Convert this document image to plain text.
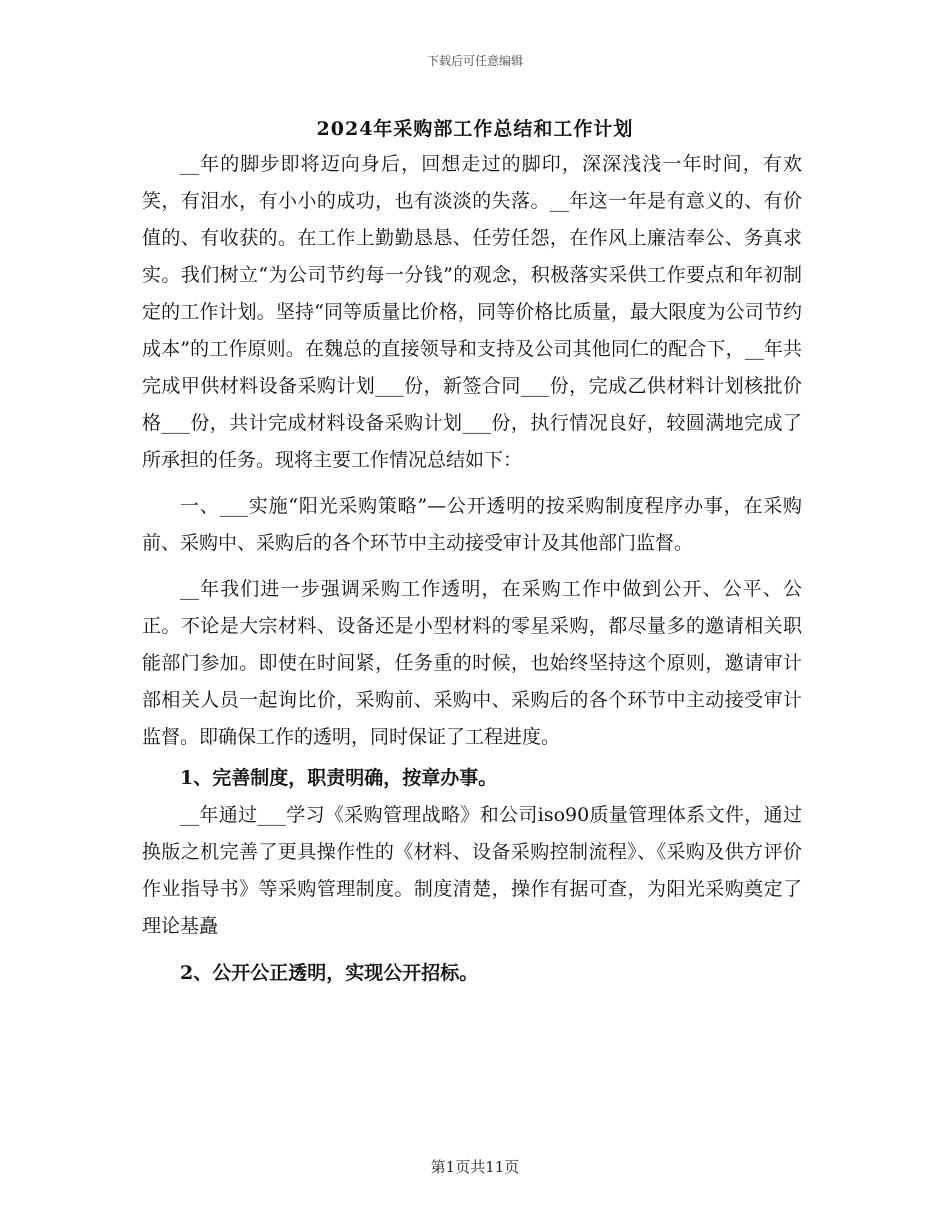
下载后可任意编辑
2024年采购部工作总结和工作计划

__年的脚步即将迈向身后，回想走过的脚印，深深浅浅一年时间，有欢笑，有泪水，有小小的成功，也有淡淡的失落。__年这一年是有意义的、有价值的、有收获的。在工作上勤勤恳恳、任劳任怨，在作风上廉洁奉公、务真求实。我们树立“为公司节约每一分钱”的观念，积极落实采供工作要点和年初制定的工作计划。坚持“同等质量比价格，同等价格比质量，最大限度为公司节约成本”的工作原则。在魏总的直接领导和支持及公司其他同仁的配合下，__年共完成甲供材料设备采购计划___份，新签合同___份，完成乙供材料计划核批价格___份，共计完成材料设备采购计划___份，执行情况良好，较圆满地完成了所承担的任务。现将主要工作情况总结如下：

一、___实施“阳光采购策略”—公开透明的按采购制度程序办事，在采购前、采购中、采购后的各个环节中主动接受审计及其他部门监督。

__年我们进一步强调采购工作透明，在采购工作中做到公开、公平、公正。不论是大宗材料、设备还是小型材料的零星采购，都尽量多的邀请相关职能部门参加。即使在时间紧，任务重的时候，也始终坚持这个原则，邀请审计部相关人员一起询比价，采购前、采购中、采购后的各个环节中主动接受审计监督。即确保工作的透明，同时保证了工程进度。

1、完善制度，职责明确，按章办事。

__年通过___学习《采购管理战略》和公司iso90质量管理体系文件，通过换版之机完善了更具操作性的《材料、设备采购控制流程》、《采购及供方评价作业指导书》等采购管理制度。制度清楚，操作有据可查，为阳光采购奠定了理论基矗

2、公开公正透明，实现公开招标。

第1页共11页
